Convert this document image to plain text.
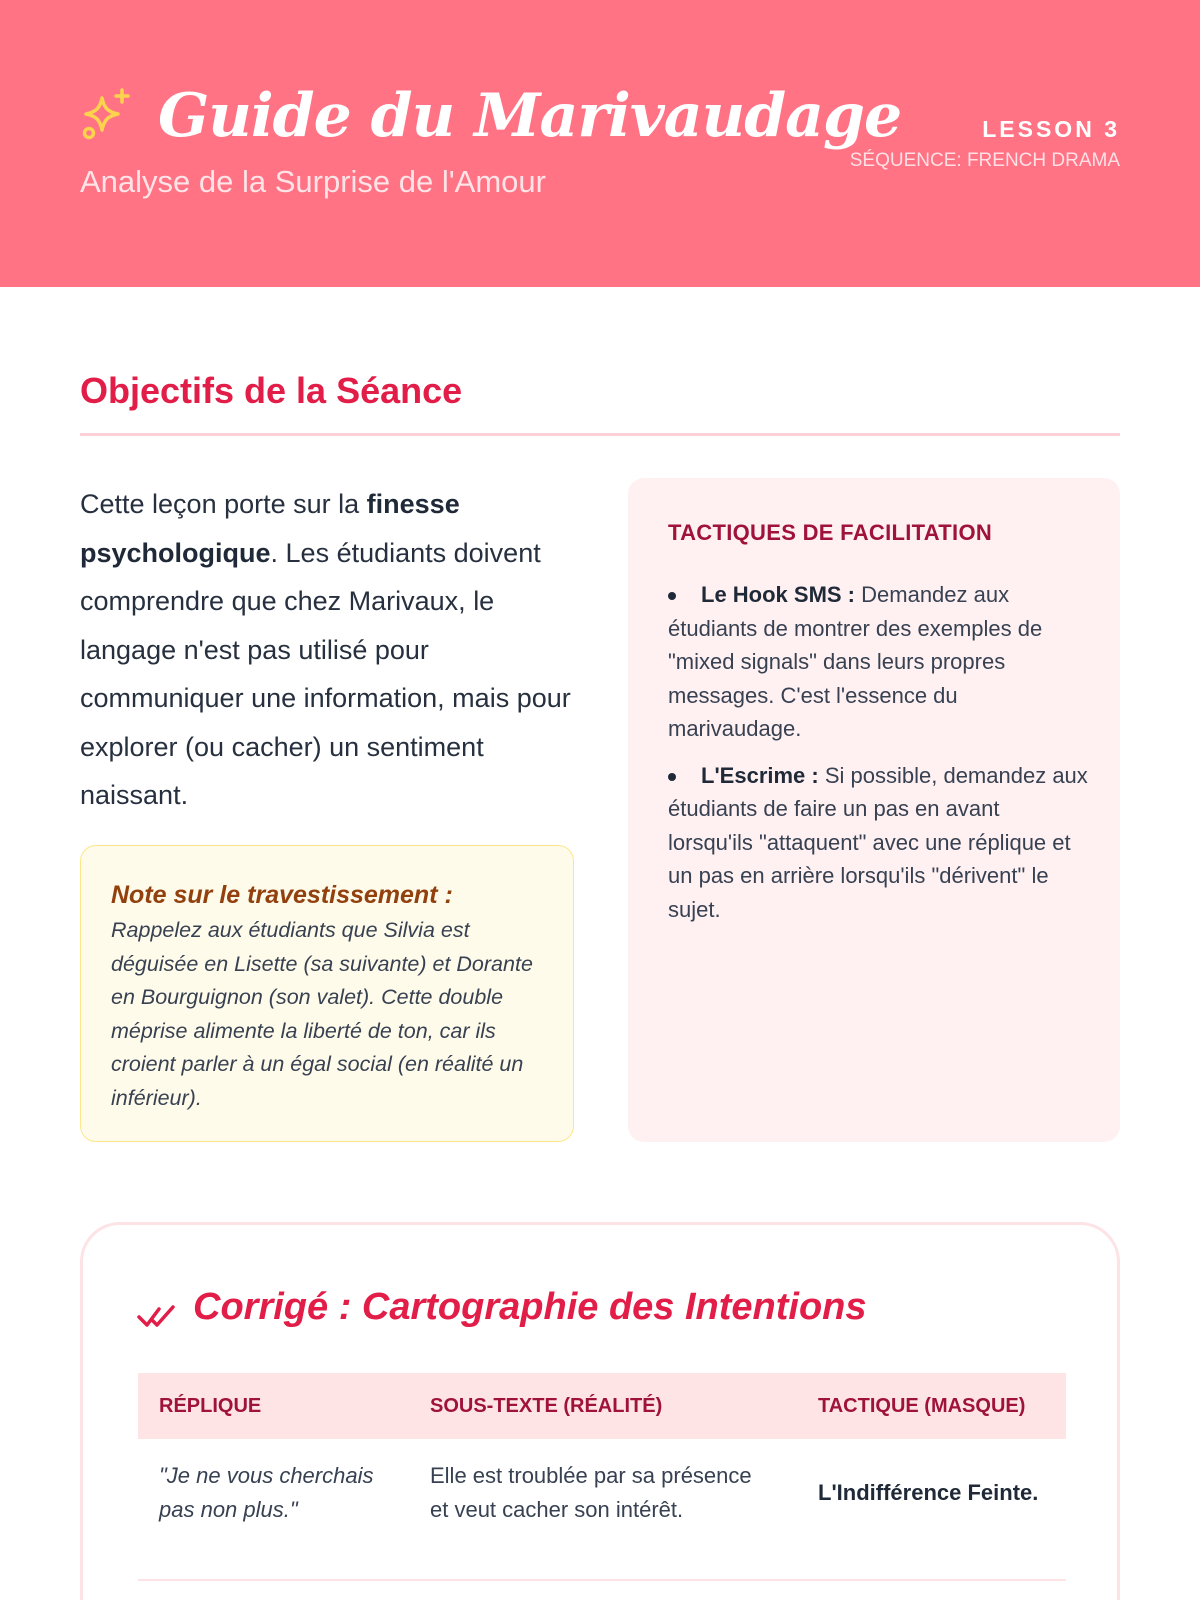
Guide du Marivaudage
Analyse de la Surprise de l'Amour
LESSON 3
SÉQUENCE: FRENCH DRAMA
Objectifs de la Séance

Cette leçon porte sur la finesse psychologique. Les étudiants doivent comprendre que chez Marivaux, le langage n'est pas utilisé pour communiquer une information, mais pour explorer (ou cacher) un sentiment naissant.

Note sur le travestissement :
Rappelez aux étudiants que Silvia est déguisée en Lisette (sa suivante) et Dorante en Bourguignon (son valet). Cette double méprise alimente la liberté de ton, car ils croient parler à un égal social (en réalité un inférieur).
TACTIQUES DE FACILITATION
Le Hook SMS : Demandez aux étudiants de montrer des exemples de "mixed signals" dans leurs propres messages. C'est l'essence du marivaudage.
L'Escrime : Si possible, demandez aux étudiants de faire un pas en avant lorsqu'ils "attaquent" avec une réplique et un pas en arrière lorsqu'ils "dérivent" le sujet.
Corrigé : Cartographie des Intentions
RÉPLIQUE	SOUS-TEXTE (RÉALITÉ)	TACTIQUE (MASQUE)
"Je ne vous cherchais pas non plus."
Elle est troublée par sa présence et veut cacher son intérêt.
L'Indifférence Feinte.
